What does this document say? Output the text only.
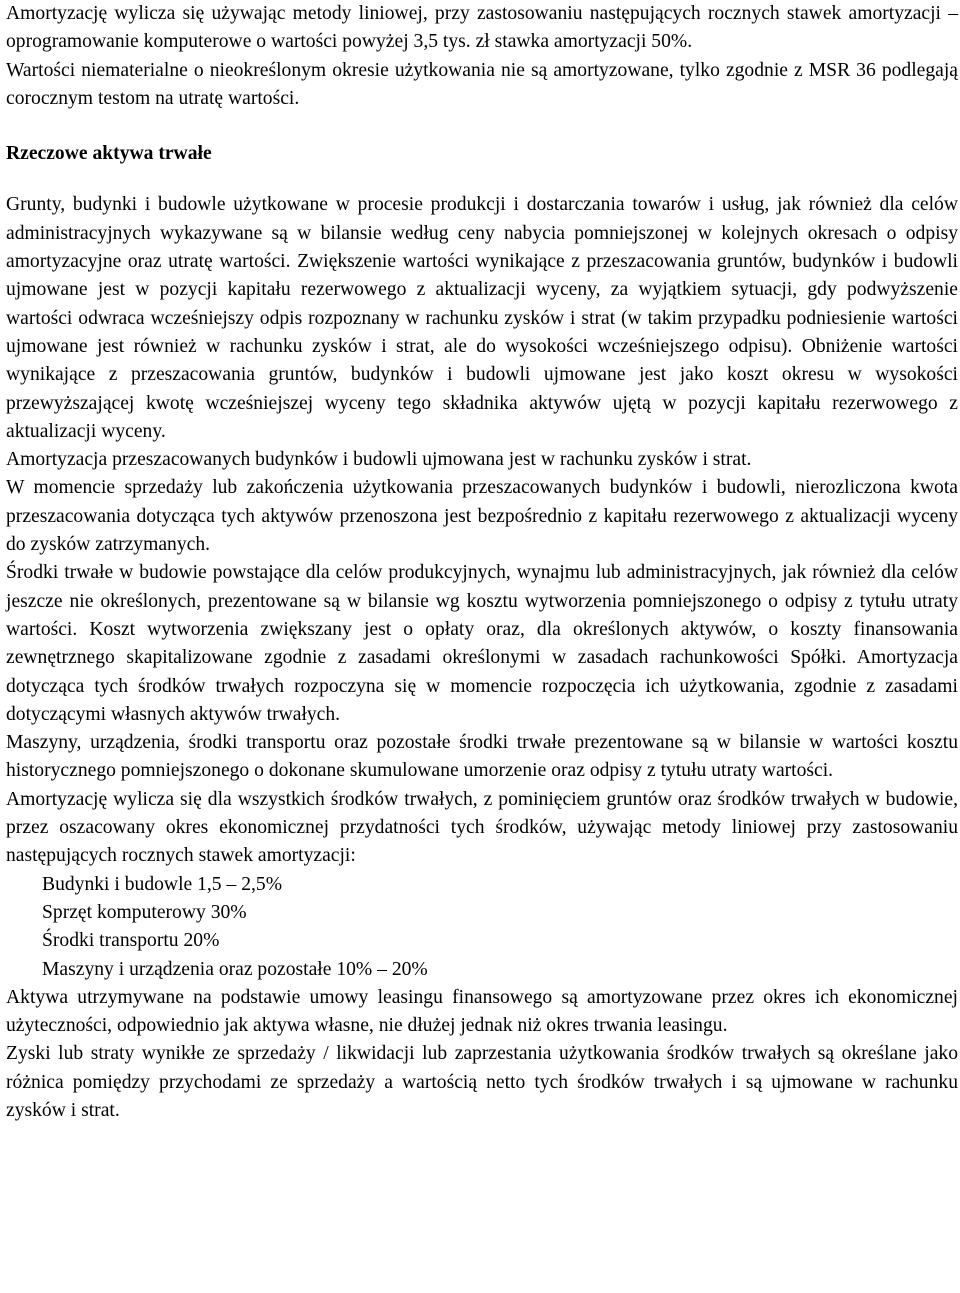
Amortyzację wylicza się używając metody liniowej, przy zastosowaniu następujących rocznych stawek amortyzacji – oprogramowanie komputerowe o wartości powyżej 3,5 tys. zł stawka amortyzacji 50%.

Wartości niematerialne o nieokreślonym okresie użytkowania nie są amortyzowane, tylko zgodnie z MSR 36 podlegają corocznym testom na utratę wartości.

Rzeczowe aktywa trwałe

Grunty, budynki i budowle użytkowane w procesie produkcji i dostarczania towarów i usług, jak również dla celów administracyjnych wykazywane są w bilansie według ceny nabycia pomniejszonej w kolejnych okresach o odpisy amortyzacyjne oraz utratę wartości. Zwiększenie wartości wynikające z przeszacowania gruntów, budynków i budowli ujmowane jest w pozycji kapitału rezerwowego z aktualizacji wyceny, za wyjątkiem sytuacji, gdy podwyższenie wartości odwraca wcześniejszy odpis rozpoznany w rachunku zysków i strat (w takim przypadku podniesienie wartości ujmowane jest również w rachunku zysków i strat, ale do wysokości wcześniejszego odpisu). Obniżenie wartości wynikające z przeszacowania gruntów, budynków i budowli ujmowane jest jako koszt okresu w wysokości przewyższającej kwotę wcześniejszej wyceny tego składnika aktywów ujętą w pozycji kapitału rezerwowego z aktualizacji wyceny.

Amortyzacja przeszacowanych budynków i budowli ujmowana jest w rachunku zysków i strat.

W momencie sprzedaży lub zakończenia użytkowania przeszacowanych budynków i budowli, nierozliczona kwota przeszacowania dotycząca tych aktywów przenoszona jest bezpośrednio z kapitału rezerwowego z aktualizacji wyceny do zysków zatrzymanych.

Środki trwałe w budowie powstające dla celów produkcyjnych, wynajmu lub administracyjnych, jak również dla celów jeszcze nie określonych, prezentowane są w bilansie wg kosztu wytworzenia pomniejszonego o odpisy z tytułu utraty wartości. Koszt wytworzenia zwiększany jest o opłaty oraz, dla określonych aktywów, o koszty finansowania zewnętrznego skapitalizowane zgodnie z zasadami określonymi w zasadach rachunkowości Spółki. Amortyzacja dotycząca tych środków trwałych rozpoczyna się w momencie rozpoczęcia ich użytkowania, zgodnie z zasadami dotyczącymi własnych aktywów trwałych.

Maszyny, urządzenia, środki transportu oraz pozostałe środki trwałe prezentowane są w bilansie w wartości kosztu historycznego pomniejszonego o dokonane skumulowane umorzenie oraz odpisy z tytułu utraty wartości.

Amortyzację wylicza się dla wszystkich środków trwałych, z pominięciem gruntów oraz środków trwałych w budowie, przez oszacowany okres ekonomicznej przydatności tych środków, używając metody liniowej przy zastosowaniu następujących rocznych stawek amortyzacji:

Budynki i budowle 1,5 – 2,5%
Sprzęt komputerowy 30%
Środki transportu 20%
Maszyny i urządzenia oraz pozostałe 10% – 20%

Aktywa utrzymywane na podstawie umowy leasingu finansowego są amortyzowane przez okres ich ekonomicznej użyteczności, odpowiednio jak aktywa własne, nie dłużej jednak niż okres trwania leasingu.

Zyski lub straty wynikłe ze sprzedaży / likwidacji lub zaprzestania użytkowania środków trwałych są określane jako różnica pomiędzy przychodami ze sprzedaży a wartością netto tych środków trwałych i są ujmowane w rachunku zysków i strat.
